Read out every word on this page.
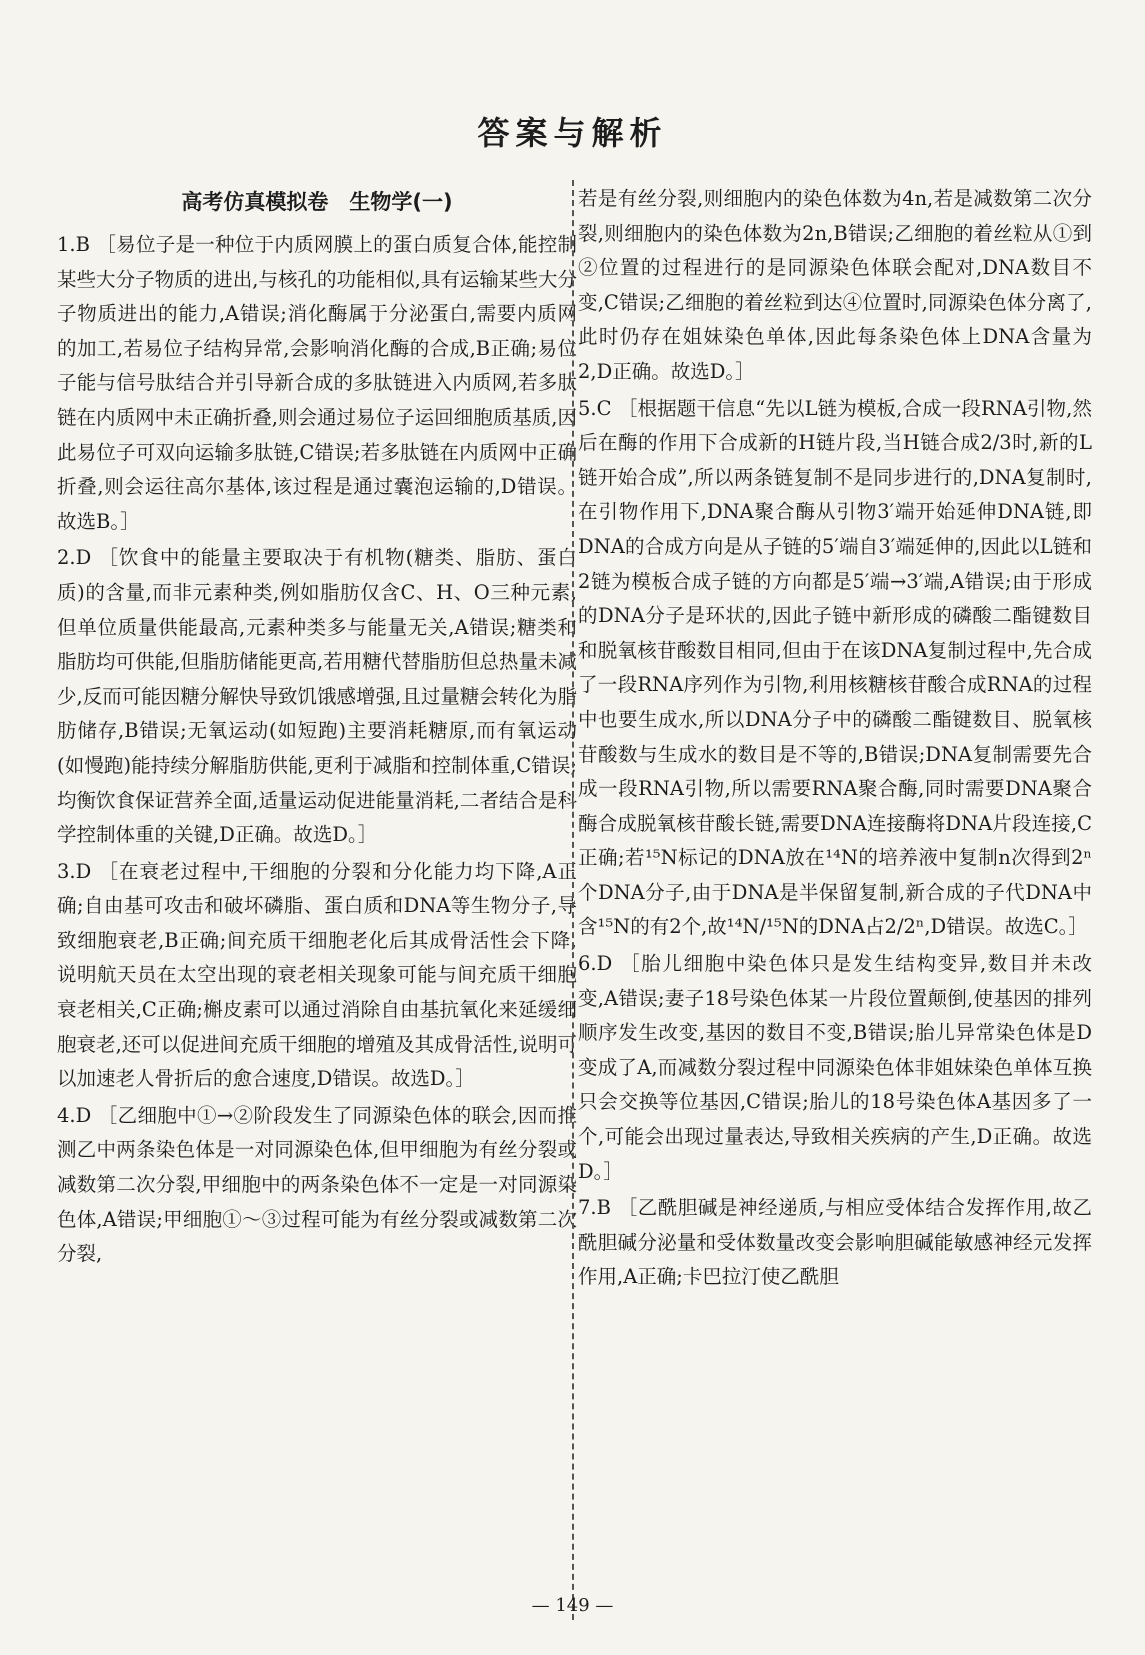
答案与解析
高考仿真模拟卷　生物学(一)

1.B ［易位子是一种位于内质网膜上的蛋白质复合体,能控制某些大分子物质的进出,与核孔的功能相似,具有运输某些大分子物质进出的能力,A错误;消化酶属于分泌蛋白,需要内质网的加工,若易位子结构异常,会影响消化酶的合成,B正确;易位子能与信号肽结合并引导新合成的多肽链进入内质网,若多肽链在内质网中未正确折叠,则会通过易位子运回细胞质基质,因此易位子可双向运输多肽链,C错误;若多肽链在内质网中正确折叠,则会运往高尔基体,该过程是通过囊泡运输的,D错误。故选B。］

2.D ［饮食中的能量主要取决于有机物(糖类、脂肪、蛋白质)的含量,而非元素种类,例如脂肪仅含C、H、O三种元素,但单位质量供能最高,元素种类多与能量无关,A错误;糖类和脂肪均可供能,但脂肪储能更高,若用糖代替脂肪但总热量未减少,反而可能因糖分解快导致饥饿感增强,且过量糖会转化为脂肪储存,B错误;无氧运动(如短跑)主要消耗糖原,而有氧运动(如慢跑)能持续分解脂肪供能,更利于减脂和控制体重,C错误;均衡饮食保证营养全面,适量运动促进能量消耗,二者结合是科学控制体重的关键,D正确。故选D。］

3.D ［在衰老过程中,干细胞的分裂和分化能力均下降,A正确;自由基可攻击和破坏磷脂、蛋白质和DNA等生物分子,导致细胞衰老,B正确;间充质干细胞老化后其成骨活性会下降,说明航天员在太空出现的衰老相关现象可能与间充质干细胞衰老相关,C正确;槲皮素可以通过消除自由基抗氧化来延缓细胞衰老,还可以促进间充质干细胞的增殖及其成骨活性,说明可以加速老人骨折后的愈合速度,D错误。故选D。］

4.D ［乙细胞中①→②阶段发生了同源染色体的联会,因而推测乙中两条染色体是一对同源染色体,但甲细胞为有丝分裂或减数第二次分裂,甲细胞中的两条染色体不一定是一对同源染色体,A错误;甲细胞①～③过程可能为有丝分裂或减数第二次分裂,

若是有丝分裂,则细胞内的染色体数为4n,若是减数第二次分裂,则细胞内的染色体数为2n,B错误;乙细胞的着丝粒从①到②位置的过程进行的是同源染色体联会配对,DNA数目不变,C错误;乙细胞的着丝粒到达④位置时,同源染色体分离了,此时仍存在姐妹染色单体,因此每条染色体上DNA含量为2,D正确。故选D。］

5.C ［根据题干信息“先以L链为模板,合成一段RNA引物,然后在酶的作用下合成新的H链片段,当H链合成2/3时,新的L链开始合成”,所以两条链复制不是同步进行的,DNA复制时,在引物作用下,DNA聚合酶从引物3′端开始延伸DNA链,即DNA的合成方向是从子链的5′端自3′端延伸的,因此以L链和2链为模板合成子链的方向都是5′端→3′端,A错误;由于形成的DNA分子是环状的,因此子链中新形成的磷酸二酯键数目和脱氧核苷酸数目相同,但由于在该DNA复制过程中,先合成了一段RNA序列作为引物,利用核糖核苷酸合成RNA的过程中也要生成水,所以DNA分子中的磷酸二酯键数目、脱氧核苷酸数与生成水的数目是不等的,B错误;DNA复制需要先合成一段RNA引物,所以需要RNA聚合酶,同时需要DNA聚合酶合成脱氧核苷酸长链,需要DNA连接酶将DNA片段连接,C正确;若¹⁵N标记的DNA放在¹⁴N的培养液中复制n次得到2ⁿ个DNA分子,由于DNA是半保留复制,新合成的子代DNA中含¹⁵N的有2个,故¹⁴N/¹⁵N的DNA占2/2ⁿ,D错误。故选C。］

6.D ［胎儿细胞中染色体只是发生结构变异,数目并未改变,A错误;妻子18号染色体某一片段位置颠倒,使基因的排列顺序发生改变,基因的数目不变,B错误;胎儿异常染色体是D变成了A,而减数分裂过程中同源染色体非姐妹染色单体互换只会交换等位基因,C错误;胎儿的18号染色体A基因多了一个,可能会出现过量表达,导致相关疾病的产生,D正确。故选D。］

7.B ［乙酰胆碱是神经递质,与相应受体结合发挥作用,故乙酰胆碱分泌量和受体数量改变会影响胆碱能敏感神经元发挥作用,A正确;卡巴拉汀使乙酰胆

— 149 —
